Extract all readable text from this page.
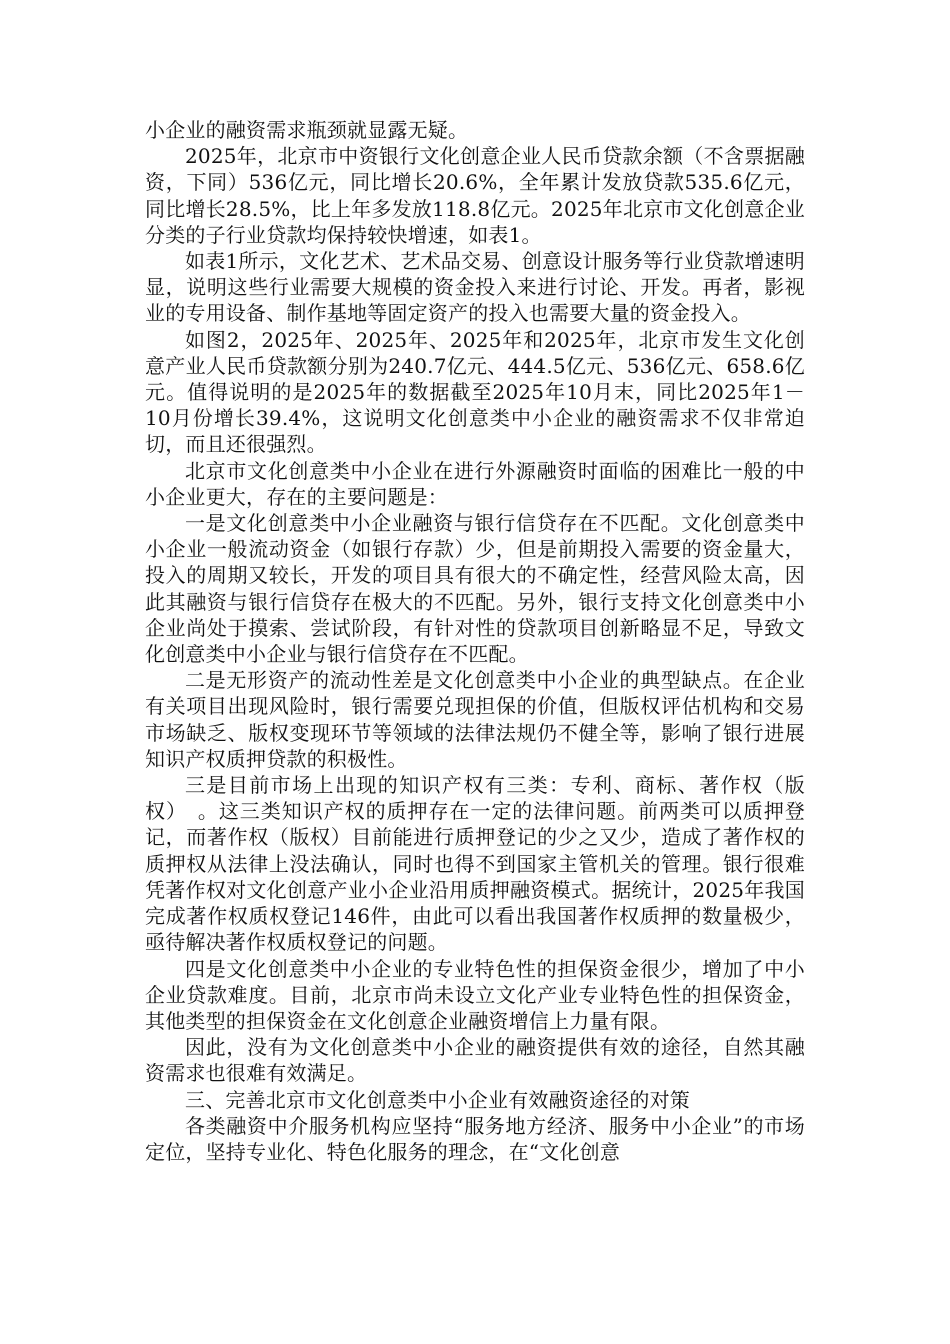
小企业的融资需求瓶颈就显露无疑。

2025年，北京市中资银行文化创意企业人民币贷款余额（不含票据融资，下同）536亿元，同比增长20.6%，全年累计发放贷款535.6亿元，同比增长28.5%，比上年多发放118.8亿元。2025年北京市文化创意企业分类的子行业贷款均保持较快增速，如表1。

如表1所示，文化艺术、艺术品交易、创意设计服务等行业贷款增速明显，说明这些行业需要大规模的资金投入来进行讨论、开发。再者，影视业的专用设备、制作基地等固定资产的投入也需要大量的资金投入。

如图2，2025年、2025年、2025年和2025年，北京市发生文化创意产业人民币贷款额分别为240.7亿元、444.5亿元、536亿元、658.6亿元。值得说明的是2025年的数据截至2025年10月末，同比2025年1－10月份增长39.4%，这说明文化创意类中小企业的融资需求不仅非常迫切，而且还很强烈。

北京市文化创意类中小企业在进行外源融资时面临的困难比一般的中小企业更大，存在的主要问题是：

一是文化创意类中小企业融资与银行信贷存在不匹配。文化创意类中小企业一般流动资金（如银行存款）少，但是前期投入需要的资金量大，投入的周期又较长，开发的项目具有很大的不确定性，经营风险太高，因此其融资与银行信贷存在极大的不匹配。另外，银行支持文化创意类中小企业尚处于摸索、尝试阶段，有针对性的贷款项目创新略显不足，导致文化创意类中小企业与银行信贷存在不匹配。

二是无形资产的流动性差是文化创意类中小企业的典型缺点。在企业有关项目出现风险时，银行需要兑现担保的价值，但版权评估机构和交易市场缺乏、版权变现环节等领域的法律法规仍不健全等，影响了银行进展知识产权质押贷款的积极性。

三是目前市场上出现的知识产权有三类：专利、商标、著作权（版权）　。这三类知识产权的质押存在一定的法律问题。前两类可以质押登记，而著作权（版权）目前能进行质押登记的少之又少，造成了著作权的质押权从法律上没法确认，同时也得不到国家主管机关的管理。银行很难凭著作权对文化创意产业小企业沿用质押融资模式。据统计，2025年我国完成著作权质权登记146件，由此可以看出我国著作权质押的数量极少，亟待解决著作权质权登记的问题。

四是文化创意类中小企业的专业特色性的担保资金很少，增加了中小企业贷款难度。目前，北京市尚未设立文化产业专业特色性的担保资金，其他类型的担保资金在文化创意企业融资增信上力量有限。

因此，没有为文化创意类中小企业的融资提供有效的途径，自然其融资需求也很难有效满足。

三、完善北京市文化创意类中小企业有效融资途径的对策

各类融资中介服务机构应坚持“服务地方经济、服务中小企业”的市场定位，坚持专业化、特色化服务的理念，在“文化创意
